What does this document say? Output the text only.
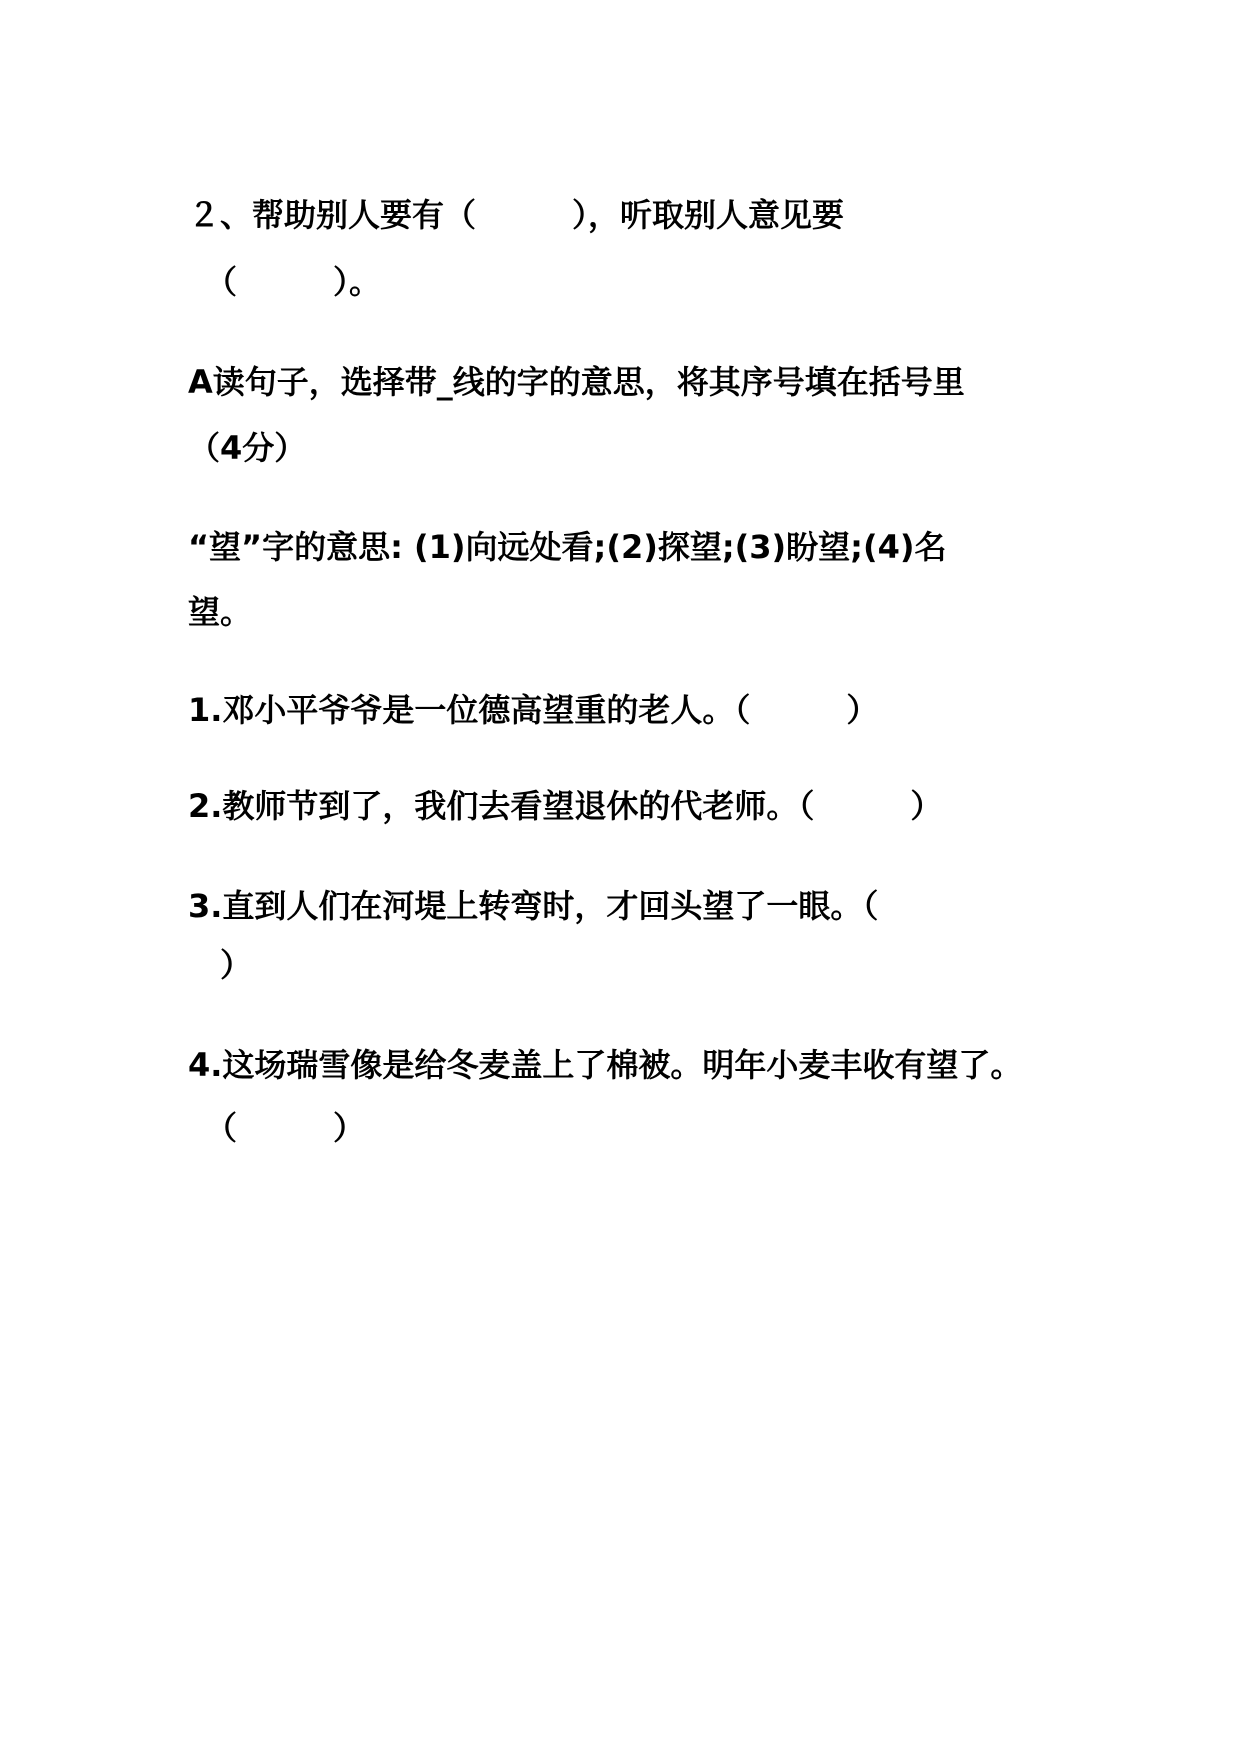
２、帮助别人要有（　　　），听取别人意见要
（　　　）。
A读句子，选择带_线的字的意思，将其序号填在括号里
（4分）
“望”字的意思: (1)向远处看;(2)探望;(3)盼望;(4)名
望。
1.邓小平爷爷是一位德高望重的老人。（　　　）
2.教师节到了，我们去看望退休的代老师。（　　　）
3.直到人们在河堤上转弯时，才回头望了一眼。（
）
4.这场瑞雪像是给冬麦盖上了棉被。明年小麦丰收有望了。
（　　　）
